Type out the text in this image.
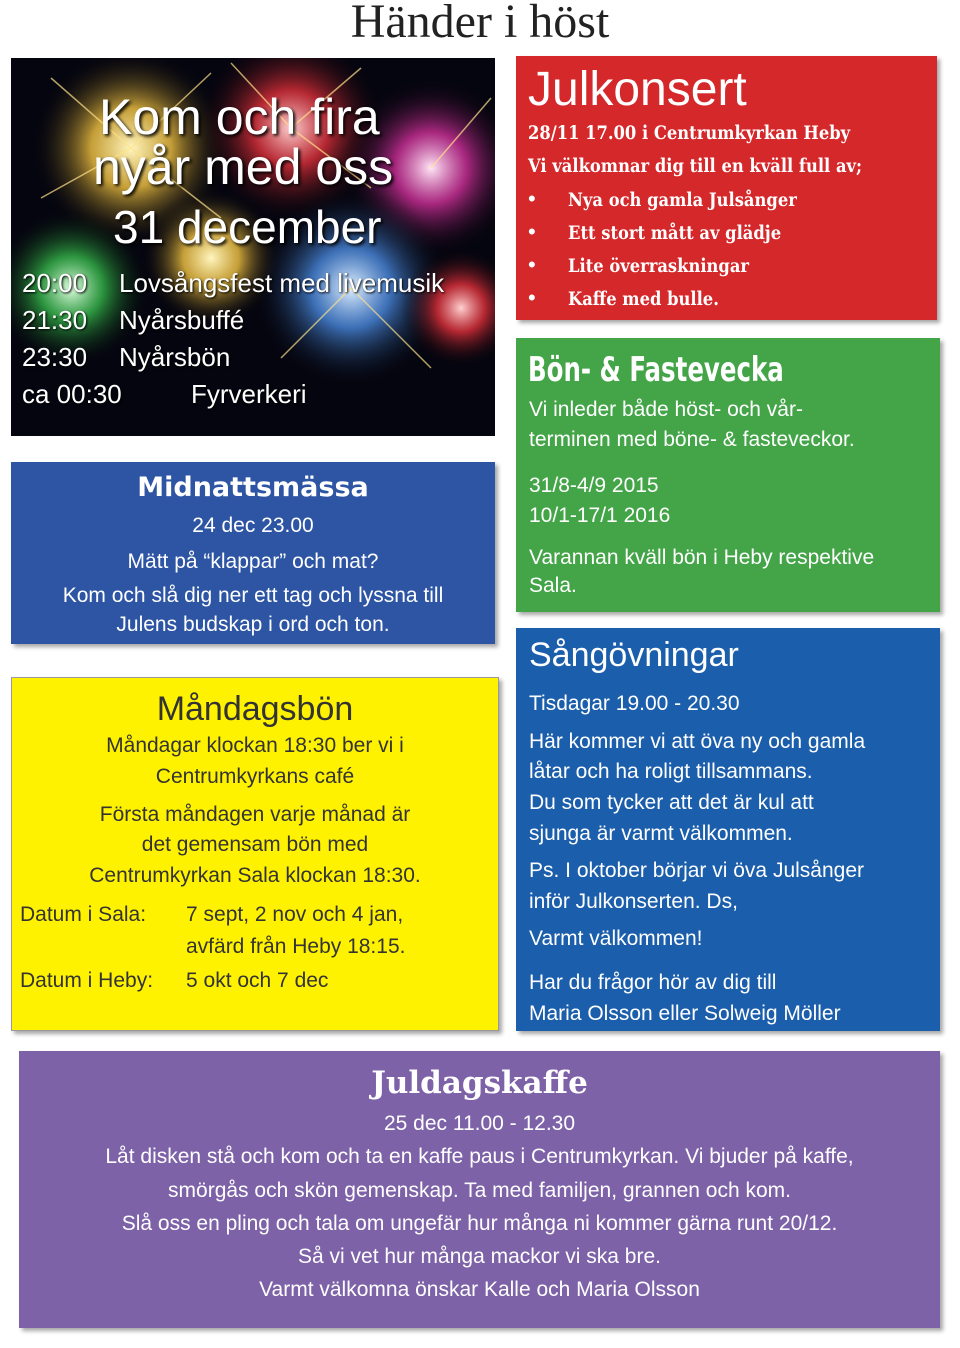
Händer i höst
Kom och fira
nyår med oss
31 december
20:00 Lovsångsfest med livemusik
21:30 Nyårsbuffé
23:30 Nyårsbön
ca 00:30	Fyrverkeri
Midnattsmässa
24 dec 23.00
Mätt på “klappar” och mat?
Kom och slå dig ner ett tag och lyssna till
Julens budskap i ord och ton.
Måndagsbön
Måndagar klockan 18:30 ber vi i
Centrumkyrkans café
Första måndagen varje månad är
det gemensam bön med
Centrumkyrkan Sala klockan 18:30.
Datum i Sala: 7 sept, 2 nov och 4 jan,
avfärd från Heby 18:15.
Datum i Heby: 5 okt och 7 dec
Julkonsert
28/11 17.00 i Centrumkyrkan Heby
Vi välkomnar dig till en kväll full av;
• Nya och gamla Julsånger
• Ett stort mått av glädje
• Lite överraskningar
• Kaffe med bulle.
Bön- & Fastevecka
Vi inleder både höst- och vår-
terminen med böne- & fasteveckor.
31/8-4/9 2015
10/1-17/1 2016
Varannan kväll bön i Heby respektive
Sala.
Sångövningar
Tisdagar 19.00 - 20.30
Här kommer vi att öva ny och gamla
låtar och ha roligt tillsammans.
Du som tycker att det är kul att
sjunga är varmt välkommen.
Ps. I oktober börjar vi öva Julsånger
inför Julkonserten. Ds,
Varmt välkommen!
Har du frågor hör av dig till
Maria Olsson eller Solweig Möller
Juldagskaffe
25 dec 11.00 - 12.30
Låt disken stå och kom och ta en kaffe paus i Centrumkyrkan. Vi bjuder på kaffe,
smörgås och skön gemenskap. Ta med familjen, grannen och kom.
Slå oss en pling och tala om ungefär hur många ni kommer gärna runt 20/12.
Så vi vet hur många mackor vi ska bre.
Varmt välkomna önskar Kalle och Maria Olsson
